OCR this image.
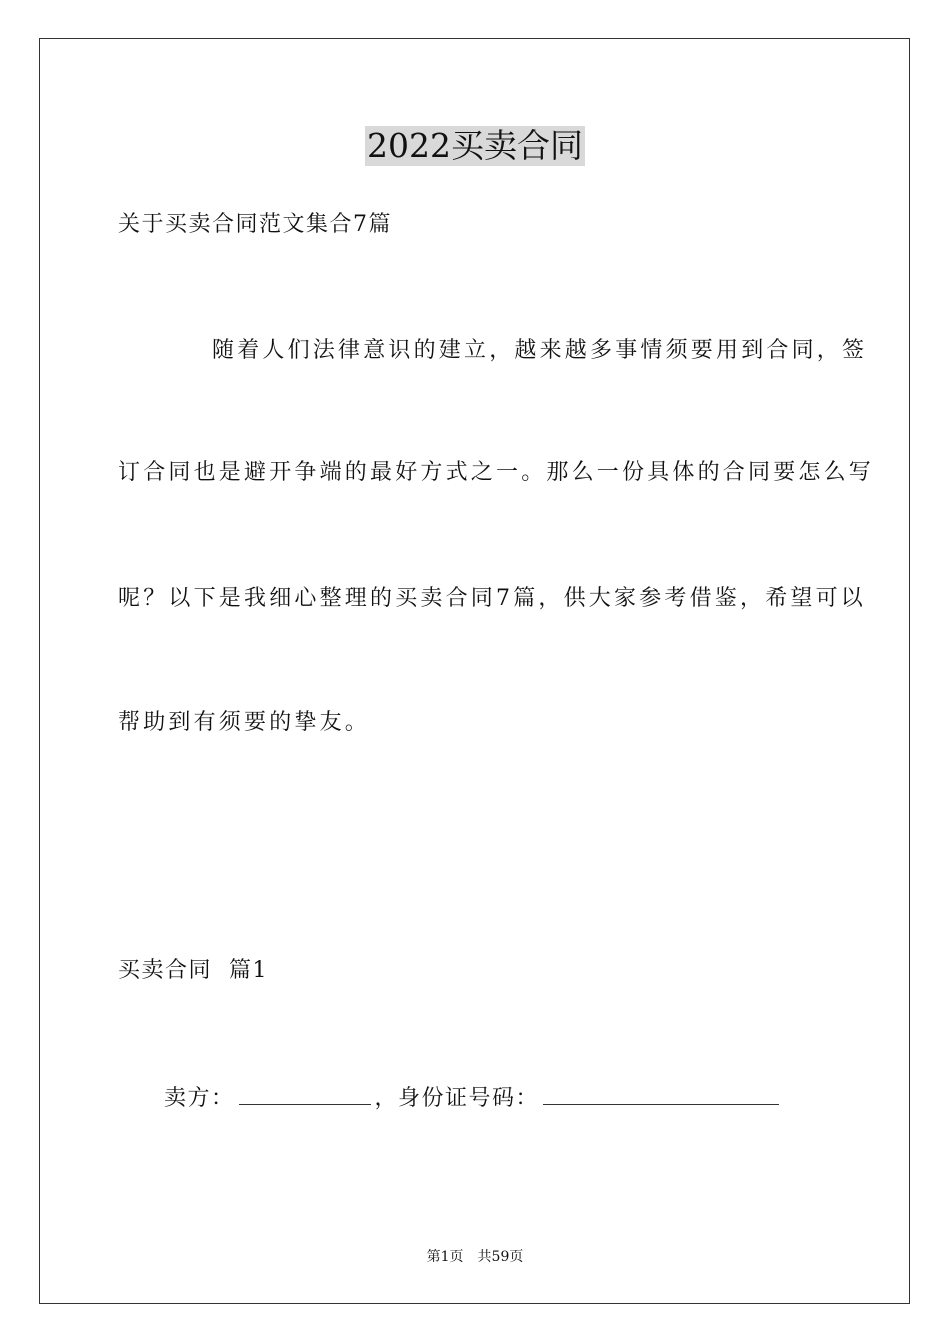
2022买卖合同
关于买卖合同范文集合7篇
随着人们法律意识的建立，越来越多事情须要用到合同，签
订合同也是避开争端的最好方式之一。那么一份具体的合同要怎么写
呢？以下是我细心整理的买卖合同7篇，供大家参考借鉴，希望可以
帮助到有须要的挚友。
买卖合同  篇1
卖方：	，身份证号码：
第1页 共59页
